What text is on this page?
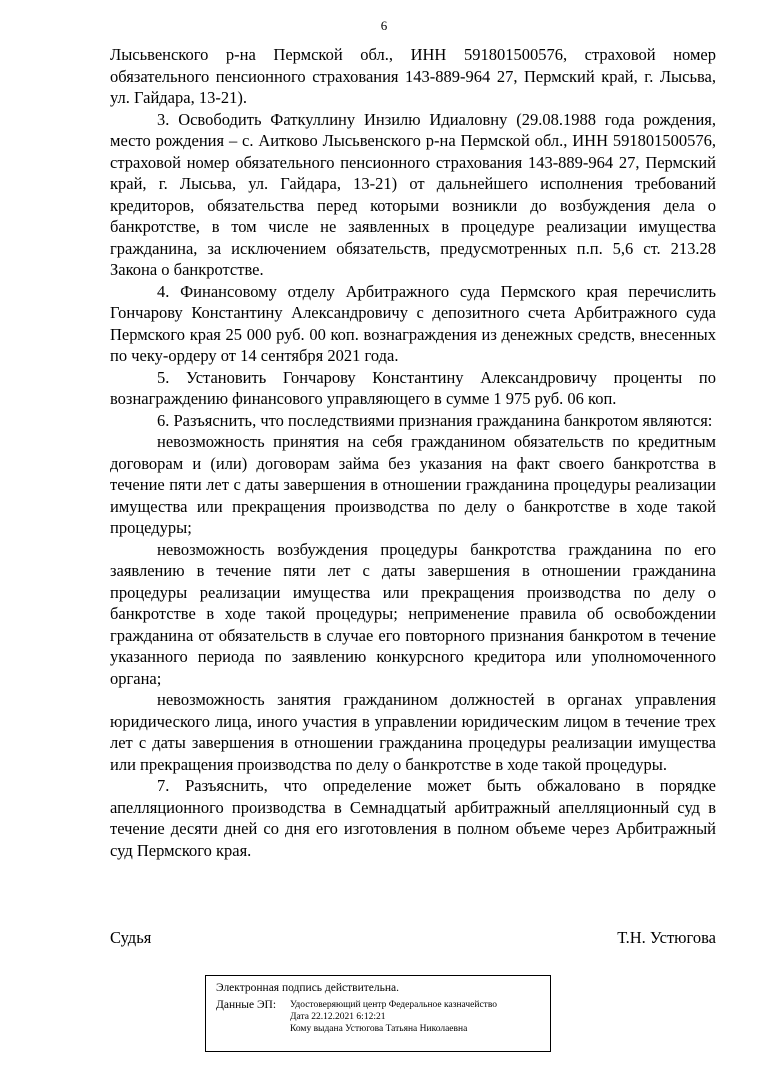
6

Лысьвенского р-на Пермской обл., ИНН 591801500576, страховой номер обязательного пенсионного страхования 143-889-964 27, Пермский край, г. Лысьва, ул. Гайдара, 13-21).

3. Освободить Фаткуллину Инзилю Идиаловну (29.08.1988 года рождения, место рождения – с. Аитково Лысьвенского р-на Пермской обл., ИНН 591801500576, страховой номер обязательного пенсионного страхования 143-889-964 27, Пермский край, г. Лысьва, ул. Гайдара, 13-21) от дальнейшего исполнения требований кредиторов, обязательства перед которыми возникли до возбуждения дела о банкротстве, в том числе не заявленных в процедуре реализации имущества гражданина, за исключением обязательств, предусмотренных п.п. 5,6 ст. 213.28 Закона о банкротстве.

4. Финансовому отделу Арбитражного суда Пермского края перечислить Гончарову Константину Александровичу с депозитного счета Арбитражного суда Пермского края 25 000 руб. 00 коп. вознаграждения из денежных средств, внесенных по чеку-ордеру от 14 сентября 2021 года.

5. Установить Гончарову Константину Александровичу проценты по вознаграждению финансового управляющего в сумме 1 975 руб. 06 коп.

6. Разъяснить, что последствиями признания гражданина банкротом являются:

невозможность принятия на себя гражданином обязательств по кредитным договорам и (или) договорам займа без указания на факт своего банкротства в течение пяти лет с даты завершения в отношении гражданина процедуры реализации имущества или прекращения производства по делу о банкротстве в ходе такой процедуры;

невозможность возбуждения процедуры банкротства гражданина по его заявлению в течение пяти лет с даты завершения в отношении гражданина процедуры реализации имущества или прекращения производства по делу о банкротстве в ходе такой процедуры; неприменение правила об освобождении гражданина от обязательств в случае его повторного признания банкротом в течение указанного периода по заявлению конкурсного кредитора или уполномоченного органа;

невозможность занятия гражданином должностей в органах управления юридического лица, иного участия в управлении юридическим лицом в течение трех лет с даты завершения в отношении гражданина процедуры реализации имущества или прекращения производства по делу о банкротстве в ходе такой процедуры.

7. Разъяснить, что определение может быть обжаловано в порядке апелляционного производства в Семнадцатый арбитражный апелляционный суд в течение десяти дней со дня его изготовления в полном объеме через Арбитражный суд Пермского края.

Судья	Т.Н. Устюгова
Электронная подпись действительна.
Данные ЭП:	Удостоверяющий центр Федеральное казначейство
Дата 22.12.2021 6:12:21
Кому выдана Устюгова Татьяна Николаевна
